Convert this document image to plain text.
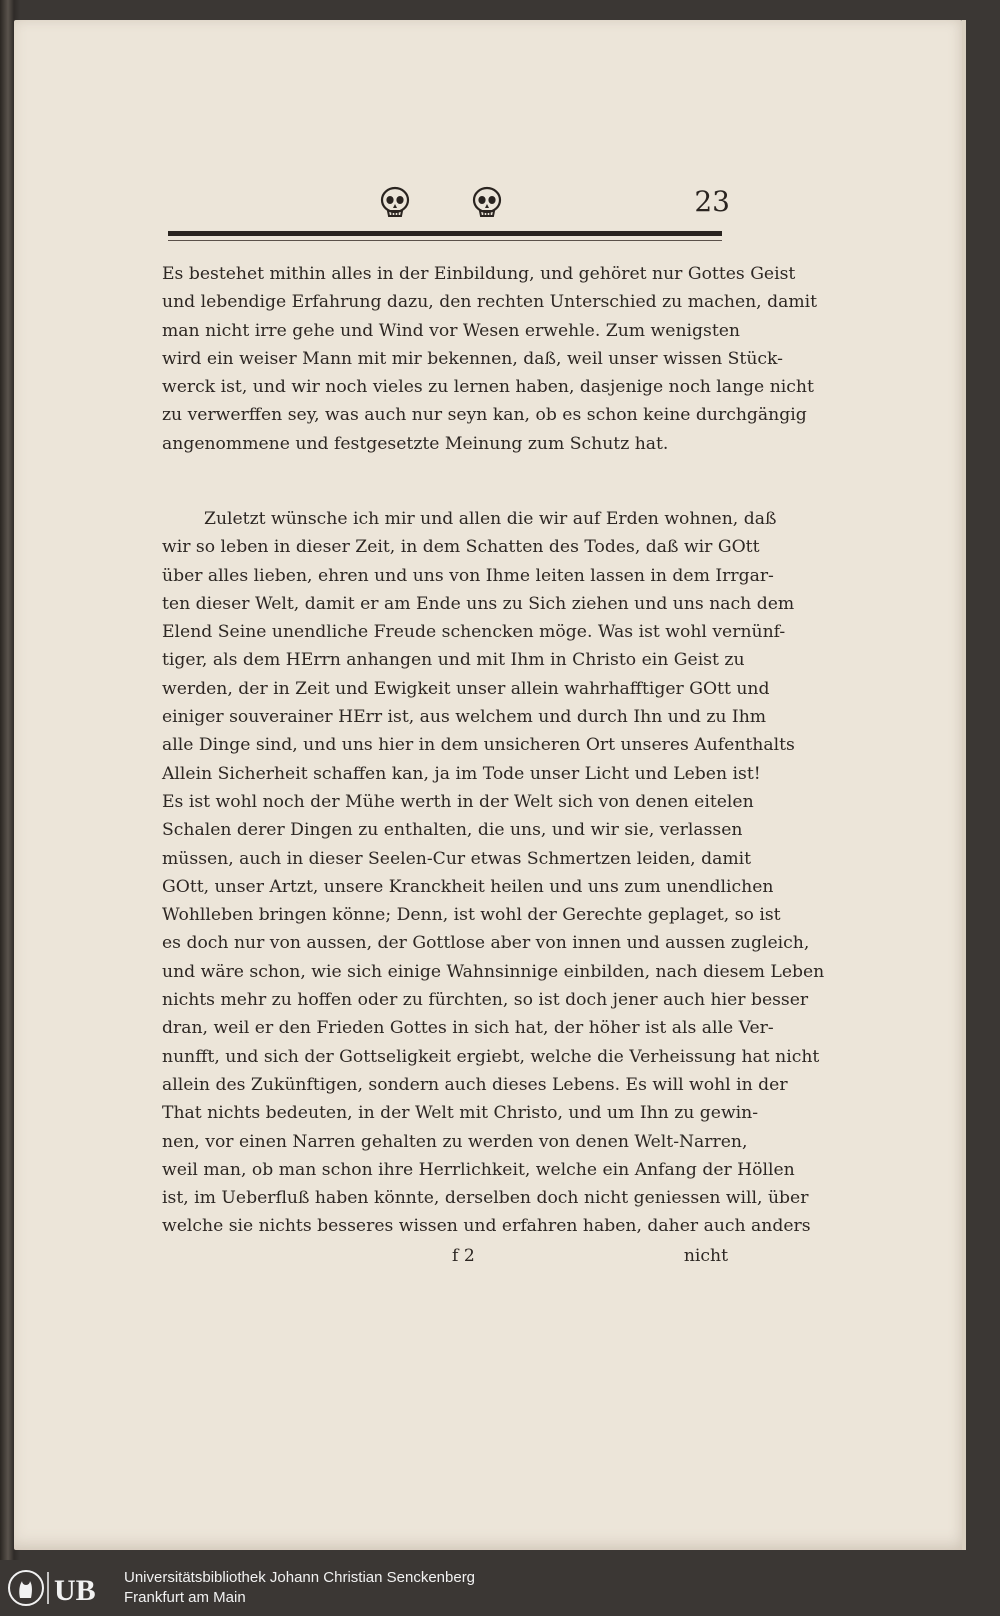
23
Es bestehet mithin alles in der Einbildung, und gehöret nur Gottes Geist
und lebendige Erfahrung dazu, den rechten Unterschied zu machen, damit
man nicht irre gehe und Wind vor Wesen erwehle. Zum wenigsten
wird ein weiser Mann mit mir bekennen, daß, weil unser wissen Stück-
werck ist, und wir noch vieles zu lernen haben, dasjenige noch lange nicht
zu verwerffen sey, was auch nur seyn kan, ob es schon keine durchgängig
angenommene und festgesetzte Meinung zum Schutz hat.
Zuletzt wünsche ich mir und allen die wir auf Erden wohnen, daß
wir so leben in dieser Zeit, in dem Schatten des Todes, daß wir GOtt
über alles lieben, ehren und uns von Ihme leiten lassen in dem Irrgar-
ten dieser Welt, damit er am Ende uns zu Sich ziehen und uns nach dem
Elend Seine unendliche Freude schencken möge. Was ist wohl vernünf-
tiger, als dem HErrn anhangen und mit Ihm in Christo ein Geist zu
werden, der in Zeit und Ewigkeit unser allein wahrhafftiger GOtt und
einiger souverainer HErr ist, aus welchem und durch Ihn und zu Ihm
alle Dinge sind, und uns hier in dem unsicheren Ort unseres Aufenthalts
Allein Sicherheit schaffen kan, ja im Tode unser Licht und Leben ist!
Es ist wohl noch der Mühe werth in der Welt sich von denen eitelen
Schalen derer Dingen zu enthalten, die uns, und wir sie, verlassen
müssen, auch in dieser Seelen-Cur etwas Schmertzen leiden, damit
GOtt, unser Artzt, unsere Kranckheit heilen und uns zum unendlichen
Wohlleben bringen könne; Denn, ist wohl der Gerechte geplaget, so ist
es doch nur von aussen, der Gottlose aber von innen und aussen zugleich,
und wäre schon, wie sich einige Wahnsinnige einbilden, nach diesem Leben
nichts mehr zu hoffen oder zu fürchten, so ist doch jener auch hier besser
dran, weil er den Frieden Gottes in sich hat, der höher ist als alle Ver-
nunfft, und sich der Gottseligkeit ergiebt, welche die Verheissung hat nicht
allein des Zukünftigen, sondern auch dieses Lebens. Es will wohl in der
That nichts bedeuten, in der Welt mit Christo, und um Ihn zu gewin-
nen, vor einen Narren gehalten zu werden von denen Welt-Narren,
weil man, ob man schon ihre Herrlichkeit, welche ein Anfang der Höllen
ist, im Ueberfluß haben könnte, derselben doch nicht geniessen will, über
welche sie nichts besseres wissen und erfahren haben, daher auch anders
f 2	nicht
UB Universitätsbibliothek Johann Christian Senckenberg
Frankfurt am Main
